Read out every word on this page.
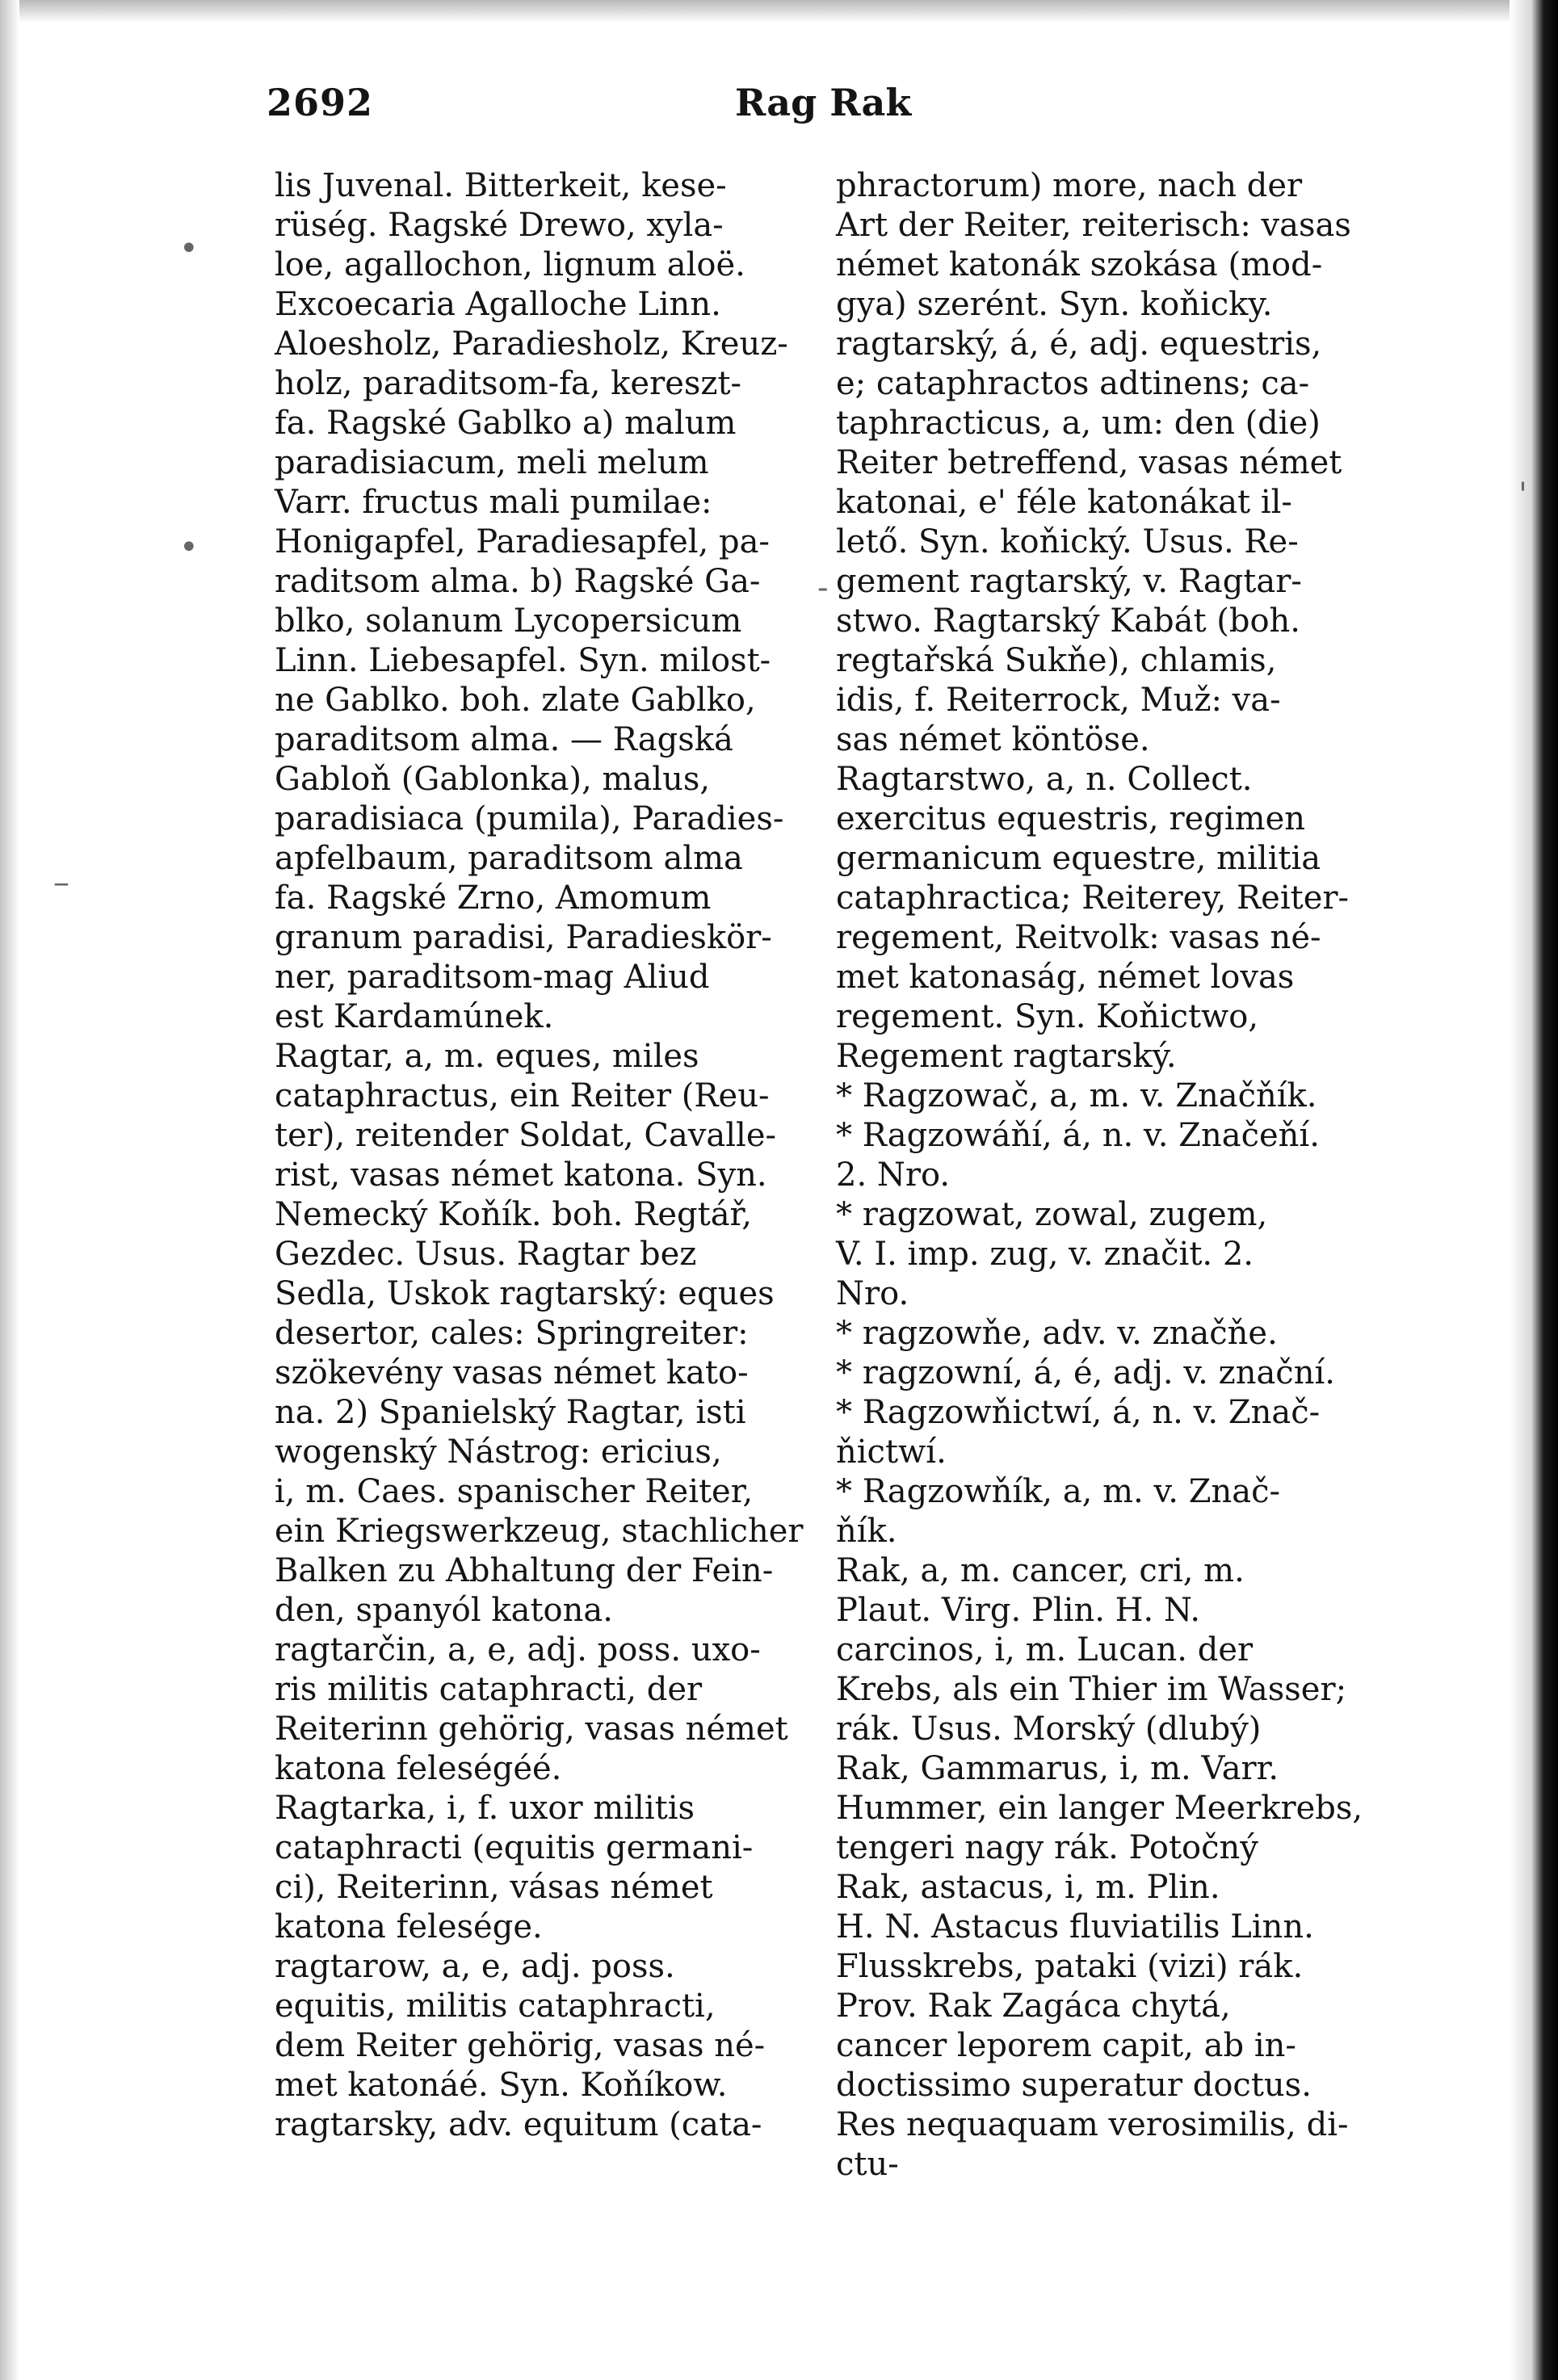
2692	Rag Rak
•
•
–
-
'
lis Juvenal. Bitterkeit, kese-
rüség. Ragské Drewo, xyla-
loe, agallochon, lignum aloë.
Excoecaria Agalloche Linn.
Aloesholz, Paradiesholz, Kreuz-
holz, paraditsom-fa, kereszt-
fa. Ragské Gablko a) malum
paradisiacum, meli melum
Varr. fructus mali pumilae:
Honigapfel, Paradiesapfel, pa-
raditsom alma. b) Ragské Ga-
blko, solanum Lycopersicum
Linn. Liebesapfel. Syn. milost-
ne Gablko. boh. zlate Gablko,
paraditsom alma. — Ragská
Gabloň (Gablonka), malus,
paradisiaca (pumila), Paradies-
apfelbaum, paraditsom alma
fa. Ragské Zrno, Amomum
granum paradisi, Paradieskör-
ner, paraditsom-mag Aliud
est Kardamúnek.
Ragtar, a, m. eques, miles
cataphractus, ein Reiter (Reu-
ter), reitender Soldat, Cavalle-
rist, vasas német katona. Syn.
Nemecký Koňík. boh. Regtář,
Gezdec. Usus. Ragtar bez
Sedla, Uskok ragtarský: eques
desertor, cales: Springreiter:
szökevény vasas német kato-
na. 2) Spanielský Ragtar, isti
wogenský Nástrog: ericius,
i, m. Caes. spanischer Reiter,
ein Kriegswerkzeug, stachlicher
Balken zu Abhaltung der Fein-
den, spanyól katona.
ragtarčin, a, e, adj. poss. uxo-
ris militis cataphracti, der
Reiterinn gehörig, vasas német
katona feleségéé.
Ragtarka, i, f. uxor militis
cataphracti (equitis germani-
ci), Reiterinn, vásas német
katona felesége.
ragtarow, a, e, adj. poss.
equitis, militis cataphracti,
dem Reiter gehörig, vasas né-
met katonáé. Syn. Koňíkow.
ragtarsky, adv. equitum (cata-
phractorum) more, nach der
Art der Reiter, reiterisch: vasas
német katonák szokása (mod-
gya) szerént. Syn. koňicky.
ragtarský, á, é, adj. equestris,
e; cataphractos adtinens; ca-
taphracticus, a, um: den (die)
Reiter betreffend, vasas német
katonai, e' féle katonákat il-
lető. Syn. koňický. Usus. Re-
gement ragtarský, v. Ragtar-
stwo. Ragtarský Kabát (boh.
regtařská Sukňe), chlamis,
idis, f. Reiterrock, Muž: va-
sas német köntöse.
Ragtarstwo, a, n. Collect.
exercitus equestris, regimen
germanicum equestre, militia
cataphractica; Reiterey, Reiter-
regement, Reitvolk: vasas né-
met katonaság, német lovas
regement. Syn. Koňictwo,
Regement ragtarský.
* Ragzowač, a, m. v. Značňík.
* Ragzowáňí, á, n. v. Značeňí.
2. Nro.
* ragzowat, zowal, zugem,
V. I. imp. zug, v. značit. 2.
Nro.
* ragzowňe, adv. v. značňe.
* ragzowní, á, é, adj. v. znační.
* Ragzowňictwí, á, n. v. Znač-
ňictwí.
* Ragzowňík, a, m. v. Znač-
ňík.
Rak, a, m. cancer, cri, m.
Plaut. Virg. Plin. H. N.
carcinos, i, m. Lucan. der
Krebs, als ein Thier im Wasser;
rák. Usus. Morský (dlubý)
Rak, Gammarus, i, m. Varr.
Hummer, ein langer Meerkrebs,
tengeri nagy rák. Potočný
Rak, astacus, i, m. Plin.
H. N. Astacus fluviatilis Linn.
Flusskrebs, pataki (vizi) rák.
Prov. Rak Zagáca chytá,
cancer leporem capit, ab in-
doctissimo superatur doctus.
Res nequaquam verosimilis, di-
ctu-
